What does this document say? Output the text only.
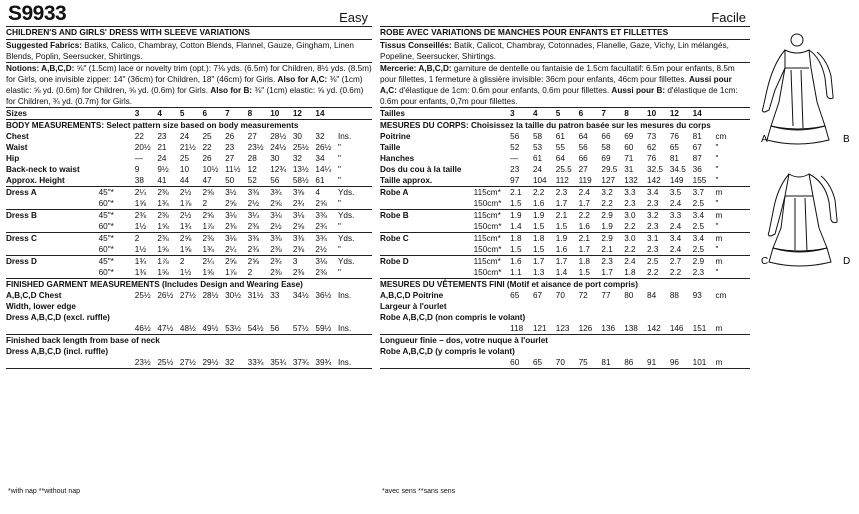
S9933	Easy
CHILDREN'S AND GIRLS' DRESS WITH SLEEVE VARIATIONS

Suggested Fabrics: Batiks, Calico, Chambray, Cotton Blends, Flannel, Gauze, Gingham, Linen Blends, Poplin, Seersucker, Shirtings.

Notions: A,B,C,D: ⅝" (1.5cm) lace or novelty trim (opt.): 7⅛ yds. (6.5m) for Children, 8½ yds. (8.5m) for Girls, one invisible zipper: 14" (36cm) for Children, 18" (46cm) for Girls. Also for A,C: ⅜" (1cm) elastic: ⅝ yd. (0.6m) for Children, ⅝ yd. (0.6m) for Girls. Also for B: ⅜" (1cm) elastic: ⅝ yd. (0.6m) for Children, ¾ yd. (0.7m) for Girls.

Sizes		3	4	5	6	7	8	10	12	14	
BODY MEASUREMENTS: Select pattern size based on body measurements											
Chest		22	23	24	25	26	27	28½	30	32	Ins.
Waist		20½	21	21½	22	23	23½	24½	25½	26½	"
Hip		—	24	25	26	27	28	30	32	34	"
Back-neck to waist		9	9½	10	10½	11½	12	12¾	13½	14¼	"
Approx. Height		38	41	44	47	50	52	56	58½	61	"
Dress A	45"*	2¼	2⅜	2½	2⅝	3½	3⅜	3¾	3⅝	4	Yds.
	60"*	1⅝	1¾	1⅞	2	2⅝	2½	2⅝	2¾	2⅝	"
Dress B	45"*	2⅜	2⅜	2½	2⅝	3⅛	3¼	3⅛	3⅛	3⅜	Yds.
	60"*	1½	1⅝	1¾	1⅞	2⅜	2⅜	2½	2⅝	2¾	"
Dress C	45"*	2	2⅜	2⅝	2⅜	3⅛	3⅜	3⅜	3⅜	3¾	Yds.
	60"*	1½	1⅝	1⅝	1¾	2¼	2⅜	2⅜	2⅜	2½	"
Dress D	45"*	1¾	1⅞	2	2¼	2⅝	2⅝	2¾	3	3⅛	Yds.
	60"*	1⅜	1⅝	1½	1⅝	1⅞	2	2⅜	2⅜	2⅜	"
FINISHED GARMENT MEASUREMENTS (Includes Design and Wearing Ease)											
A,B,C,D Chest		25½	26½	27½	28½	30½	31½	33	34½	36½	Ins.
Width, lower edge											
Dress A,B,C,D (excl. ruffle)											
		46½	47½	48½	49½	53½	54½	56	57½	59½	Ins.
Finished back length from base of neck											
Dress A,B,C,D (incl. ruffle)											
		23½	25½	27½	29½	32	33¾	35¾	37¾	39¾	Ins.
Facile
ROBE AVEC VARIATIONS DE MANCHES POUR ENFANTS ET FILLETTES

Tissus Conseillés: Batik, Calicot, Chambray, Cotonnades, Flanelle, Gaze, Vichy, Lin mélangés, Popeline, Seersucker, Shirtings.

Mercerie: A,B,C,D: garniture de dentelle ou fantaisie de 1.5cm facultatif: 6.5m pour enfants, 8.5m pour fillettes, 1 fermeture à glissière invisible: 36cm pour enfants, 46cm pour fillettes. Aussi pour A,C: d'élastique de 1cm: 0.6m pour enfants, 0.6m pour fillettes. Aussi pour B: d'élastique de 1cm: 0.6m pour enfants, 0,7m pour fillettes.

Tailles		3	4	5	6	7	8	10	12	14	
MESURES DU CORPS: Choisissez la taille du patron basée sur les mesures du corps											
Poitrine		56	58	61	64	66	69	73	76	81	cm
Taille		52	53	55	56	58	60	62	65	67	"
Hanches		—	61	64	66	69	71	76	81	87	"
Dos du cou à la taille		23	24	25.5	27	29.5	31	32.5	34.5	36	"
Taille approx.		97	104	112	119	127	132	142	149	155	"
Robe A	115cm*	2.1	2.2	2.3	2.4	3.2	3.3	3.4	3.5	3.7	m
	150cm*	1.5	1.6	1.7	1.7	2.2	2.3	2.3	2.4	2.5	"
Robe B	115cm*	1.9	1.9	2.1	2.2	2.9	3.0	3.2	3.3	3.4	m
	150cm*	1.4	1.5	1.5	1.6	1.9	2.2	2.3	2.4	2.5	"
Robe C	115cm*	1.8	1.8	1.9	2.1	2.9	3.0	3.1	3.4	3.4	m
	150cm*	1.5	1.5	1.6	1.7	2.1	2.2	2.3	2.4	2.5	"
Robe D	115cm*	1.6	1.7	1.7	1.8	2.3	2.4	2.5	2.7	2.9	m
	150cm*	1.1	1.3	1.4	1.5	1.7	1.8	2.2	2.2	2.3	"
MESURES DU VÊTEMENTS FINI (Motif et aisance de port compris)											
A,B,C,D Poitrine		65	67	70	72	77	80	84	88	93	cm
Largeur à l'ourlet											
Robe A,B,C,D (non compris le volant)											
		118	121	123	126	136	138	142	146	151	m
Longueur finie – dos, votre nuque à l'ourlet											
Robe A,B,C,D (y compris le volant)											
		60	65	70	75	81	86	91	96	101	m
*with nap **without nap	*avec sens **sans sens
A	B
C	D
